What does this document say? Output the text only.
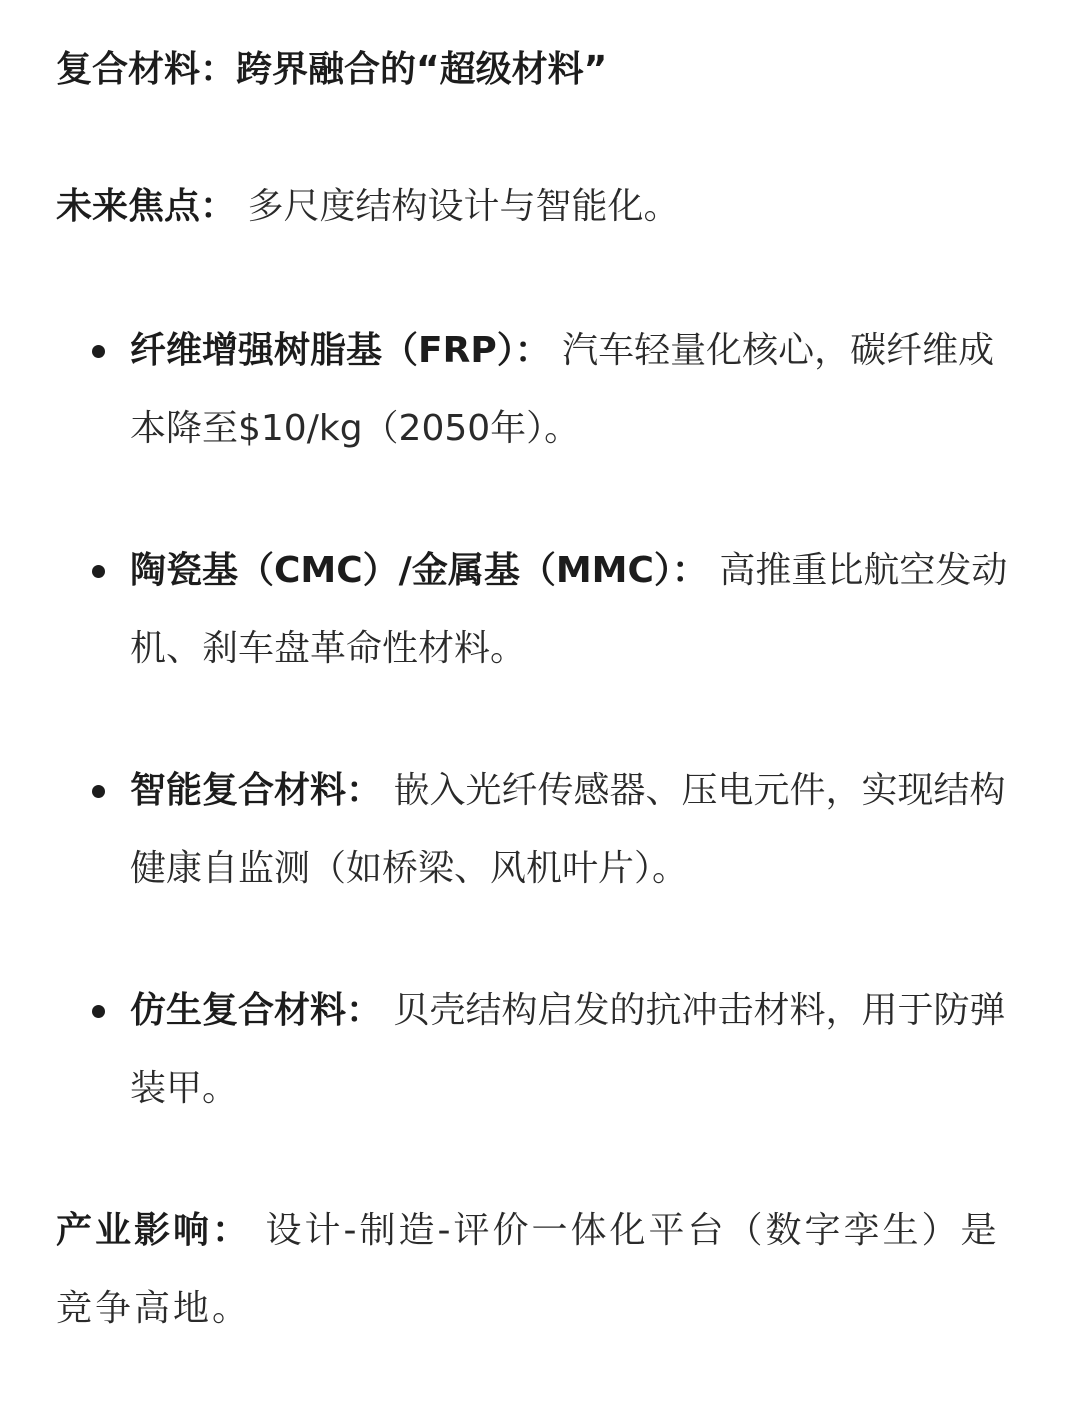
复合材料：跨界融合的“超级材料”
未来焦点： 多尺度结构设计与智能化。
纤维增强树脂基（FRP）： 汽车轻量化核心，碳纤维成本降至$10/kg（2050年）。
陶瓷基（CMC）/金属基（MMC）： 高推重比航空发动机、刹车盘革命性材料。
智能复合材料： 嵌入光纤传感器、压电元件，实现结构健康自监测（如桥梁、风机叶片）。
仿生复合材料： 贝壳结构启发的抗冲击材料，用于防弹装甲。
产业影响： 设计-制造-评价一体化平台（数字孪生）是竞争高地。
